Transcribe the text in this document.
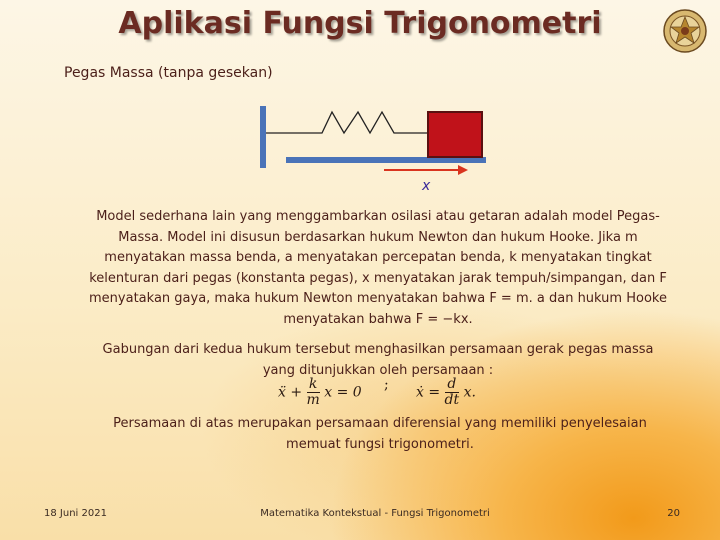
Aplikasi Fungsi Trigonometri
Pegas Massa (tanpa gesekan)
x
Model sederhana lain yang menggambarkan osilasi atau getaran adalah model Pegas-Massa. Model ini disusun berdasarkan hukum Newton dan hukum Hooke. Jika m menyatakan massa benda, a menyatakan percepatan benda, k menyatakan tingkat kelenturan dari pegas (konstanta pegas), x menyatakan jarak tempuh/simpangan, dan F menyatakan gaya, maka hukum Newton menyatakan bahwa F = m. a dan hukum Hooke menyatakan bahwa F = −kx.
Gabungan dari kedua hukum tersebut menghasilkan persamaan gerak pegas massa yang ditunjukkan oleh persamaan :
ẍ + $\frac{k}{m}$ x = 0 ; ẋ = $\frac{d}{dt} x$.
Persamaan di atas merupakan persamaan diferensial yang memiliki penyelesaian memuat fungsi trigonometri.
18 Juni 2021	Matematika Kontekstual - Fungsi Trigonometri	20
